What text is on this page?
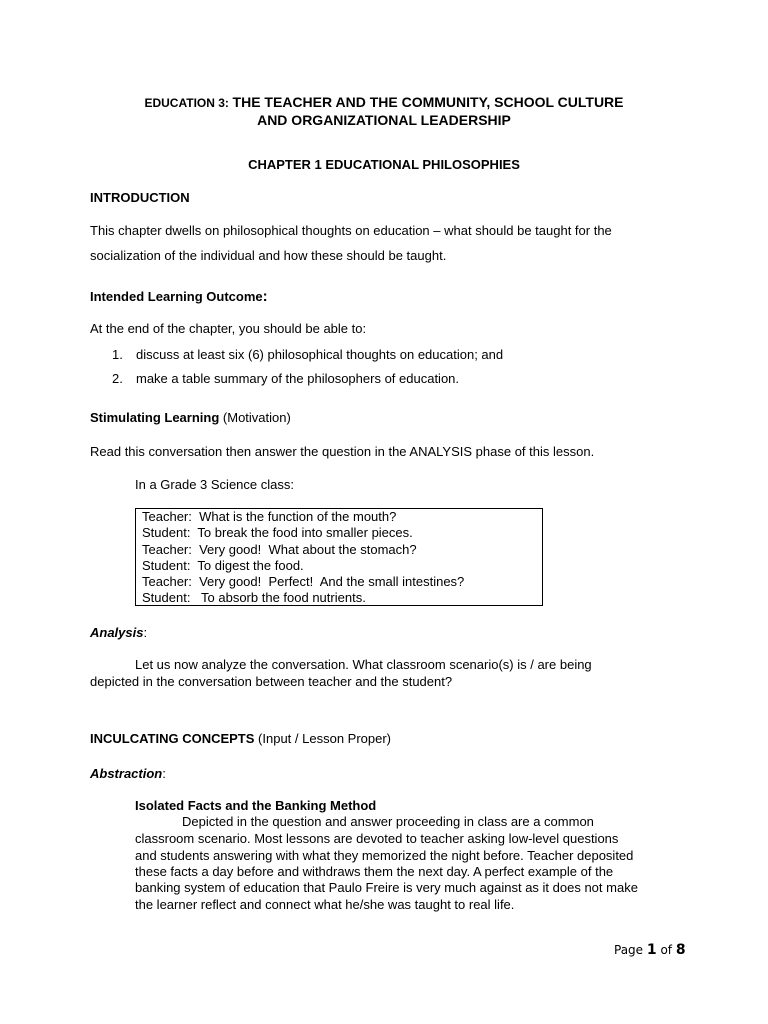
EDUCATION 3: THE TEACHER AND THE COMMUNITY, SCHOOL CULTURE
AND ORGANIZATIONAL LEADERSHIP
CHAPTER 1 EDUCATIONAL PHILOSOPHIES
INTRODUCTION
This chapter dwells on philosophical thoughts on education – what should be taught for the
socialization of the individual and how these should be taught.
Intended Learning Outcome:
At the end of the chapter, you should be able to:
1. discuss at least six (6) philosophical thoughts on education; and
2. make a table summary of the philosophers of education.
Stimulating Learning (Motivation)
Read this conversation then answer the question in the ANALYSIS phase of this lesson.
In a Grade 3 Science class:
Teacher:  What is the function of the mouth?
Student:  To break the food into smaller pieces.
Teacher:  Very good!  What about the stomach?
Student:  To digest the food.
Teacher:  Very good!  Perfect!  And the small intestines?
Student:   To absorb the food nutrients.
Analysis:
Let us now analyze the conversation. What classroom scenario(s) is / are being
depicted in the conversation between teacher and the student?
INCULCATING CONCEPTS (Input / Lesson Proper)
Abstraction:
Isolated Facts and the Banking Method
Depicted in the question and answer proceeding in class are a common
classroom scenario. Most lessons are devoted to teacher asking low-level questions
and students answering with what they memorized the night before. Teacher deposited
these facts a day before and withdraws them the next day. A perfect example of the
banking system of education that Paulo Freire is very much against as it does not make
the learner reflect and connect what he/she was taught to real life.
Page 1 of 8
